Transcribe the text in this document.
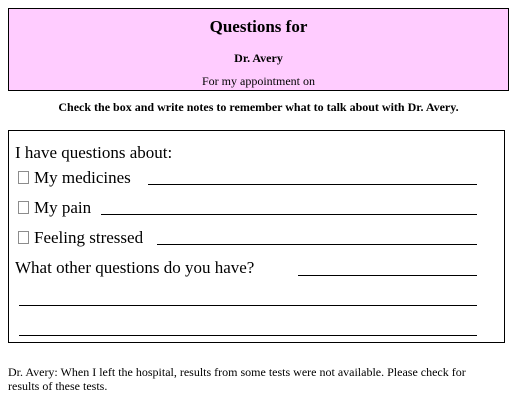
Questions for
Dr. Avery
For my appointment on
Check the box and write notes to remember what to talk about with Dr. Avery.
I have questions about:
My medicines
My pain
Feeling stressed
What other questions do you have?
Dr. Avery: When I left the hospital, results from some tests were not available. Please check for results of these tests.
